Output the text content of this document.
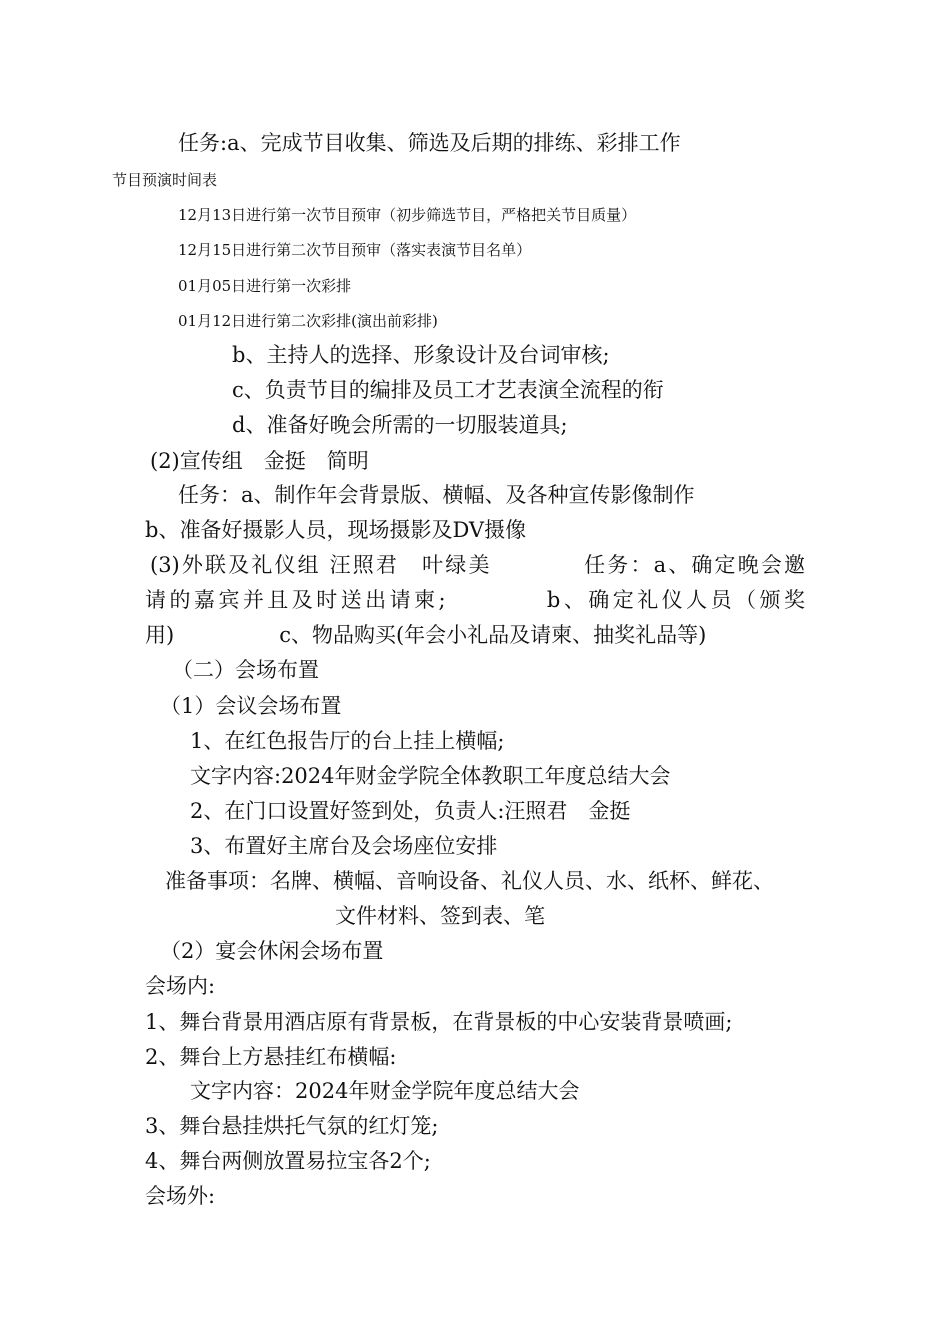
任务:a、完成节目收集、筛选及后期的排练、彩排工作
节目预演时间表
12月13日进行第一次节目预审（初步筛选节目，严格把关节目质量）
12月15日进行第二次节目预审（落实表演节目名单）
01月05日进行第一次彩排
01月12日进行第二次彩排(演出前彩排)
b、主持人的选择、形象设计及台词审核;
c、负责节目的编排及员工才艺表演全流程的衔
d、准备好晚会所需的一切服装道具;
(2)宣传组　金挺　简明
任务：a、制作年会背景版、横幅、及各种宣传影像制作
b、准备好摄影人员，现场摄影及DV摄像
(3)外联及礼仪组 汪照君　叶绿美　　　　任务：a、确定晚会邀
请的嘉宾并且及时送出请柬;　　　　b、确定礼仪人员（颁奖
用)　　　　　c、物品购买(年会小礼品及请柬、抽奖礼品等)
（二）会场布置
（1）会议会场布置
1、在红色报告厅的台上挂上横幅;
文字内容:2024年财金学院全体教职工年度总结大会
2、在门口设置好签到处，负责人:汪照君　金挺
3、布置好主席台及会场座位安排
准备事项：名牌、横幅、音响设备、礼仪人员、水、纸杯、鲜花、
文件材料、签到表、笔
（2）宴会休闲会场布置
会场内:
1、舞台背景用酒店原有背景板，在背景板的中心安装背景喷画;
2、舞台上方悬挂红布横幅:
文字内容：2024年财金学院年度总结大会
3、舞台悬挂烘托气氛的红灯笼;
4、舞台两侧放置易拉宝各2个;
会场外:
